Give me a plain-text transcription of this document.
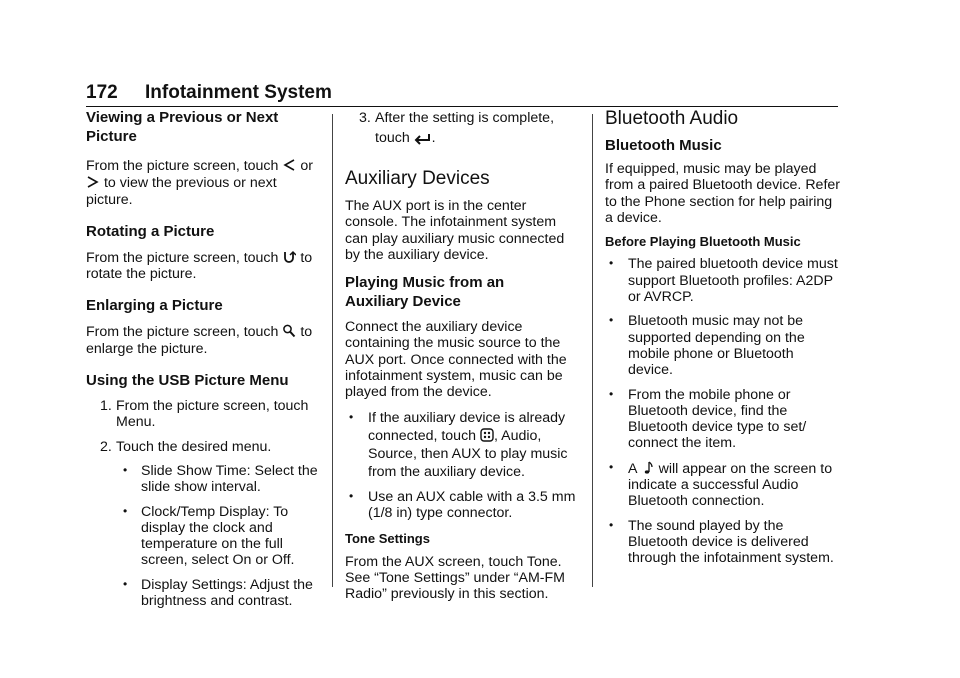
172 Infotainment System
Viewing a Previous or Next Picture

From the picture screen, touch or  to view the previous or next picture.

Rotating a Picture

From the picture screen, touch to rotate the picture.

Enlarging a Picture

From the picture screen, touch to enlarge the picture.

Using the USB Picture Menu
1. From the picture screen, touch Menu.
2. Touch the desired menu.
• Slide Show Time: Select the slide show interval.
• Clock/Temp Display: To display the clock and temperature on the full screen, select On or Off.
• Display Settings: Adjust the brightness and contrast.
3. After the setting is complete,
touch .
Auxiliary Devices

The AUX port is in the center console. The infotainment system can play auxiliary music connected by the auxiliary device.

Playing Music from an Auxiliary Device

Connect the auxiliary device containing the music source to the AUX port. Once connected with the infotainment system, music can be played from the device.

• If the auxiliary device is already connected, touch , Audio, Source, then AUX to play music from the auxiliary device.
• Use an AUX cable with a 3.5 mm (1/8 in) type connector.

Tone Settings

From the AUX screen, touch Tone. See “Tone Settings” under “AM-FM Radio” previously in this section.

Bluetooth Audio
Bluetooth Music

If equipped, music may be played from a paired Bluetooth device. Refer to the Phone section for help pairing a device.

Before Playing Bluetooth Music

• The paired bluetooth device must support Bluetooth profiles: A2DP or AVRCP.
• Bluetooth music may not be supported depending on the mobile phone or Bluetooth device.
• From the mobile phone or Bluetooth device, find the Bluetooth device type to set/ connect the item.
• A will appear on the screen to indicate a successful Audio Bluetooth connection.
• The sound played by the Bluetooth device is delivered through the infotainment system.
